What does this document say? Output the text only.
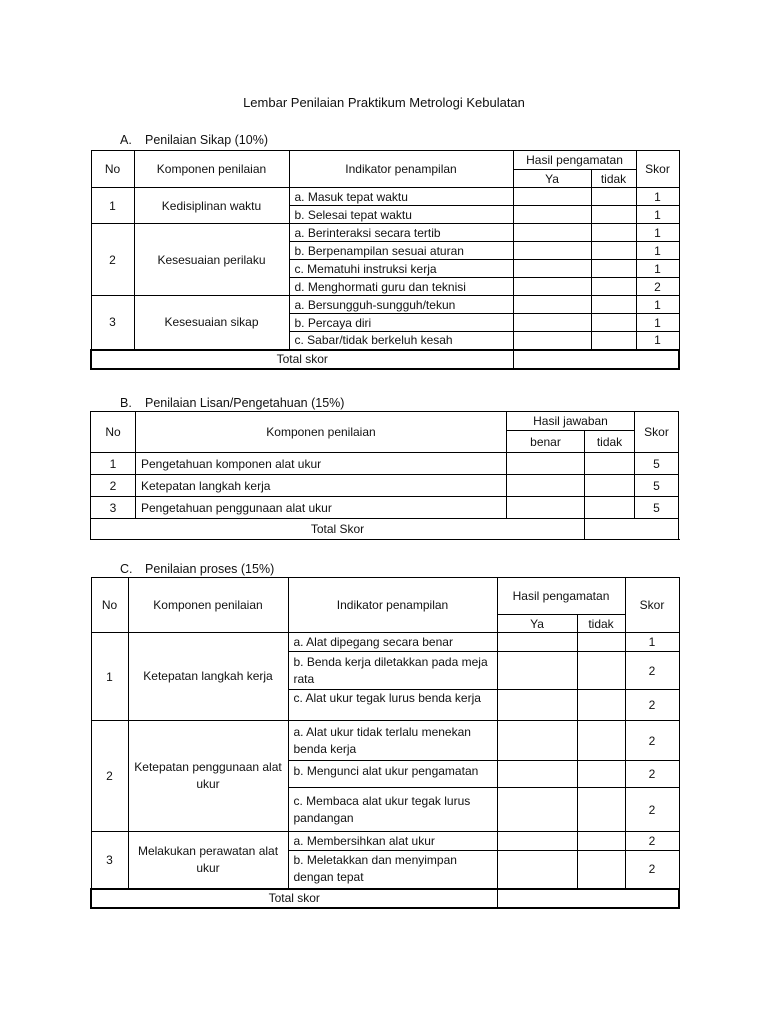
Lembar Penilaian Praktikum Metrologi Kebulatan
A. Penilaian Sikap (10%)
No	Komponen penilaian	Indikator penampilan	Hasil pengamatan		Skor
			Ya	tidak	
1	Kedisiplinan waktu	a. Masuk tepat waktu			1
		b. Selesai tepat waktu			1
2	Kesesuaian perilaku	a. Berinteraksi secara tertib			1
		b. Berpenampilan sesuai aturan			1
		c. Mematuhi instruksi kerja			1
		d. Menghormati guru dan teknisi			2
3	Kesesuaian sikap	a. Bersungguh-sungguh/tekun			1
		b. Percaya diri			1
		c. Sabar/tidak berkeluh kesah			1
Total skor					
B. Penilaian Lisan/Pengetahuan (15%)
No	Komponen penilaian	Hasil jawaban		Skor
		benar	tidak	
1	Pengetahuan komponen alat ukur			5
2	Ketepatan langkah kerja			5
3	Pengetahuan penggunaan alat ukur			5
Total Skor				
C. Penilaian proses (15%)
No	Komponen penilaian	Indikator penampilan	Hasil pengamatan		Skor
			Ya	tidak	
1	Ketepatan langkah kerja	a. Alat dipegang secara benar			1
		b. Benda kerja diletakkan pada meja rata			2

		c. Alat ukur tegak lurus benda kerja			2
2	Ketepatan penggunaan alat ukur	a. Alat ukur tidak terlalu menekan benda kerja			2

		b. Mengunci alat ukur pengamatan			2
		c. Membaca alat ukur tegak lurus pandangan			2
3	Melakukan perawatan alat ukur	a. Membersihkan alat ukur			2
		b. Meletakkan dan menyimpan dengan tepat			2
Total skor					
